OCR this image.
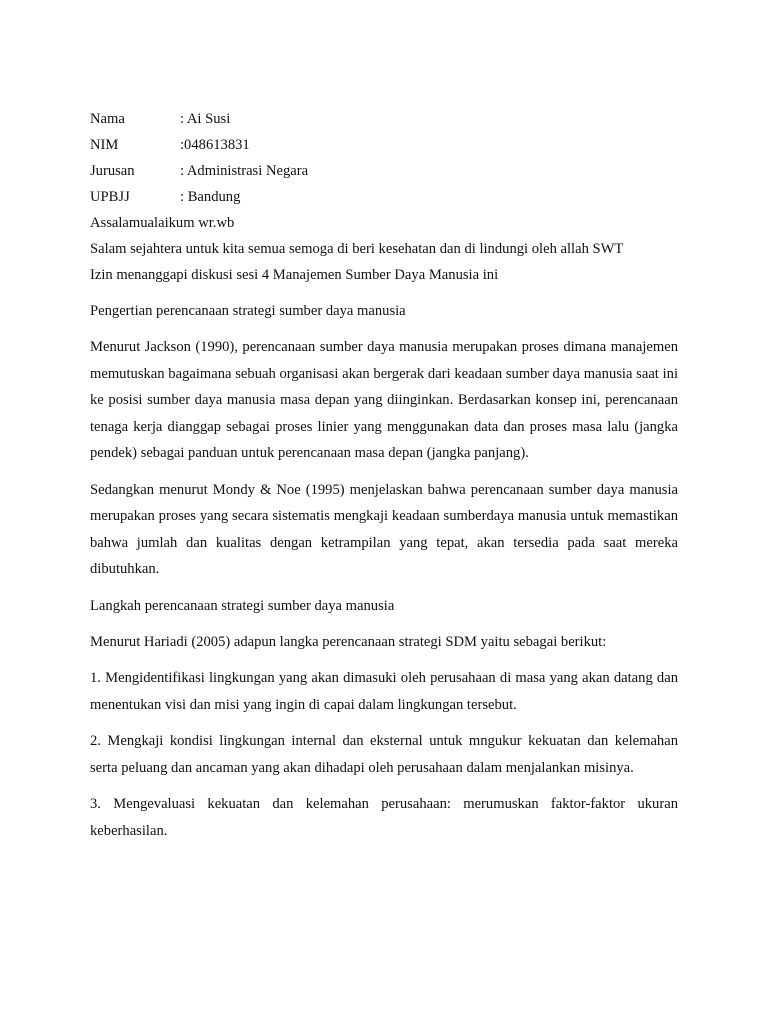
Nama	: Ai Susi
NIM	:048613831
Jurusan	: Administrasi Negara
UPBJJ	: Bandung
Assalamualaikum wr.wb
Salam sejahtera untuk kita semua semoga di beri kesehatan dan di lindungi oleh allah SWT
Izin menanggapi diskusi sesi 4 Manajemen Sumber Daya Manusia ini
Pengertian perencanaan strategi sumber daya manusia

Menurut Jackson (1990), perencanaan sumber daya manusia merupakan proses dimana manajemen memutuskan bagaimana sebuah organisasi akan bergerak dari keadaan sumber daya manusia saat ini ke posisi sumber daya manusia masa depan yang diinginkan. Berdasarkan konsep ini, perencanaan tenaga kerja dianggap sebagai proses linier yang menggunakan data dan proses masa lalu (jangka pendek) sebagai panduan untuk perencanaan masa depan (jangka panjang).

Sedangkan menurut Mondy & Noe (1995) menjelaskan bahwa perencanaan sumber daya manusia merupakan proses yang secara sistematis mengkaji keadaan sumberdaya manusia untuk memastikan bahwa jumlah dan kualitas dengan ketrampilan yang tepat, akan tersedia pada saat mereka dibutuhkan.

Langkah perencanaan strategi sumber daya manusia

Menurut Hariadi (2005) adapun langka perencanaan strategi SDM yaitu sebagai berikut:

1. Mengidentifikasi lingkungan yang akan dimasuki oleh perusahaan di masa yang akan datang dan menentukan visi dan misi yang ingin di capai dalam lingkungan tersebut.

2. Mengkaji kondisi lingkungan internal dan eksternal untuk mngukur kekuatan dan kelemahan serta peluang dan ancaman yang akan dihadapi oleh perusahaan dalam menjalankan misinya.

3. Mengevaluasi kekuatan dan kelemahan perusahaan: merumuskan faktor-faktor ukuran keberhasilan.
